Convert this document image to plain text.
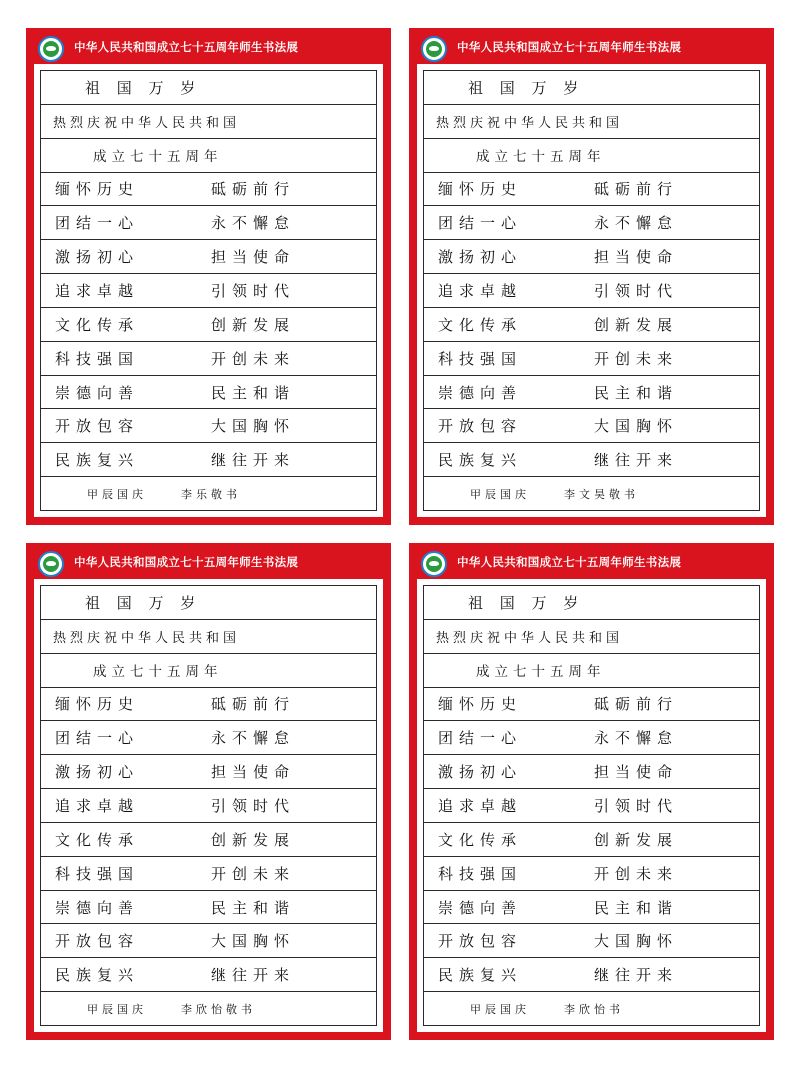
中华人民共和国成立七十五周年师生书法展
祖 国 万 岁
热烈庆祝中华人民共和国
成立七十五周年
缅怀历史	砥砺前行
团结一心	永不懈怠
激扬初心	担当使命
追求卓越	引领时代
文化传承	创新发展
科技强国	开创未来
崇德向善	民主和谐
开放包容	大国胸怀
民族复兴	继往开来
甲辰国庆	李乐敬书
中华人民共和国成立七十五周年师生书法展
祖 国 万 岁
热烈庆祝中华人民共和国
成立七十五周年
缅怀历史	砥砺前行
团结一心	永不懈怠
激扬初心	担当使命
追求卓越	引领时代
文化传承	创新发展
科技强国	开创未来
崇德向善	民主和谐
开放包容	大国胸怀
民族复兴	继往开来
甲辰国庆	李文昊敬书
中华人民共和国成立七十五周年师生书法展
祖 国 万 岁
热烈庆祝中华人民共和国
成立七十五周年
缅怀历史	砥砺前行
团结一心	永不懈怠
激扬初心	担当使命
追求卓越	引领时代
文化传承	创新发展
科技强国	开创未来
崇德向善	民主和谐
开放包容	大国胸怀
民族复兴	继往开来
甲辰国庆	李欣怡敬书
中华人民共和国成立七十五周年师生书法展
祖 国 万 岁
热烈庆祝中华人民共和国
成立七十五周年
缅怀历史	砥砺前行
团结一心	永不懈怠
激扬初心	担当使命
追求卓越	引领时代
文化传承	创新发展
科技强国	开创未来
崇德向善	民主和谐
开放包容	大国胸怀
民族复兴	继往开来
甲辰国庆	李欣怡书
